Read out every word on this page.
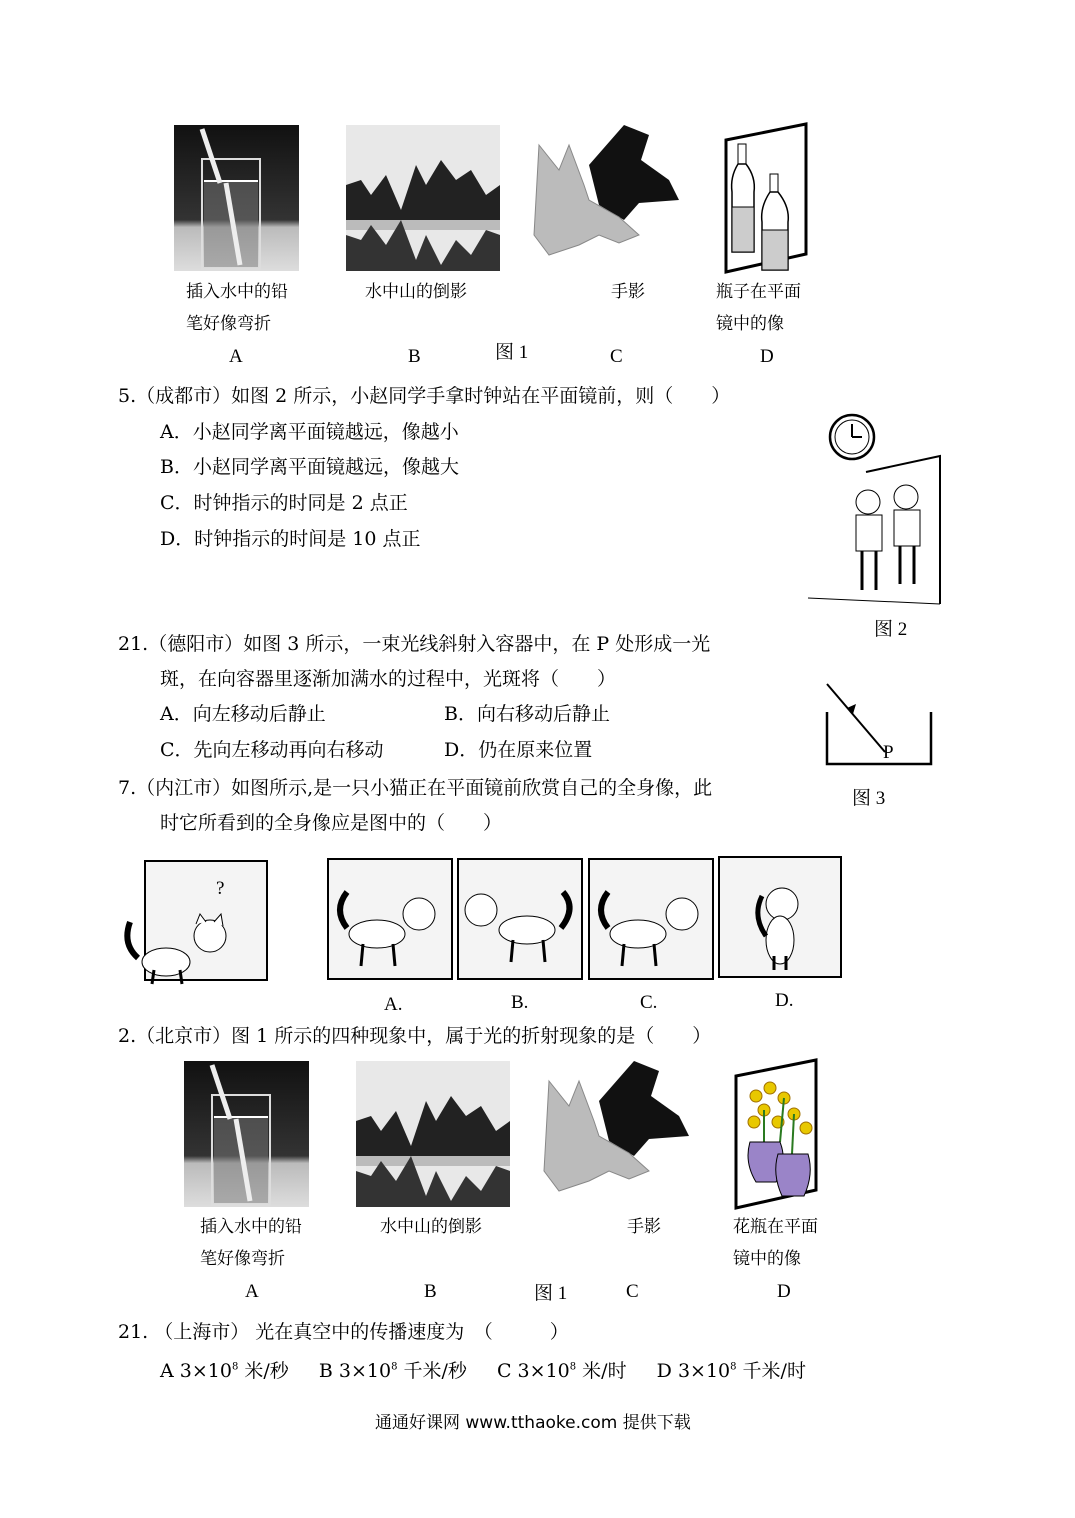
插入水中的铅
笔好像弯折
水中山的倒影	手影	瓶子在平面
镜中的像
A	B	图 1	C	D
5.（成都市）如图 2 所示，小赵同学手拿时钟站在平面镜前，则（　　）
A．小赵同学离平面镜越远，像越小
B．小赵同学离平面镜越远，像越大
C．时钟指示的时同是 2 点正
D．时钟指示的时间是 10 点正
图 2
21.（德阳市）如图 3 所示，一束光线斜射入容器中，在 P 处形成一光
斑，在向容器里逐渐加满水的过程中，光斑将（　　）
A．向左移动后静止	B．向右移动后静止
C．先向左移动再向右移动	D．仍在原来位置	P
图 3
7.（内江市）如图所示,是一只小猫正在平面镜前欣赏自己的全身像，此
时它所看到的全身像应是图中的（　　）
?
A.	B.	C.	D.
2.（北京市）图 1 所示的四种现象中，属于光的折射现象的是（　　）
插入水中的铅
笔好像弯折
水中山的倒影	手影	花瓶在平面
镜中的像
A	B	图 1	C	D
21. （上海市） 光在真空中的传播速度为　（　　　）
A $3\times 10^8$ 米/秒 B $3\times 10^8$ 千米/秒 C $3\times 10^8$ 米/时 D $3\times 10^8$ 千米/时
通通好课网 www.tthaoke.com 提供下载
